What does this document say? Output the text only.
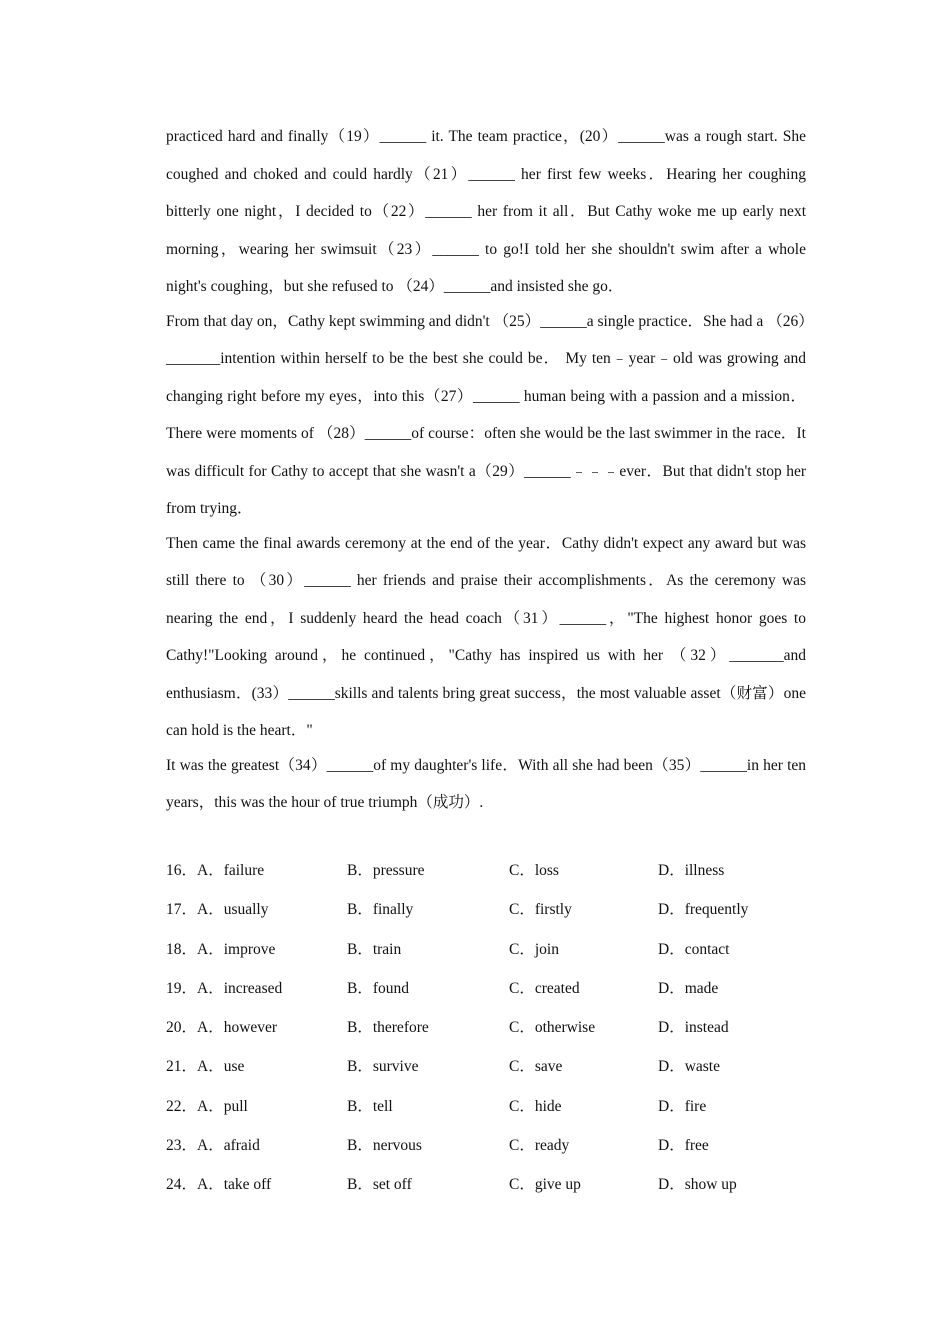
practiced hard and finally（19）______ it. The team practice，(20）______was a rough start. She coughed and choked and could hardly（21）______ her first few weeks．Hearing her coughing bitterly one night，I decided to（22）______ her from it all．But Cathy woke me up early next morning，wearing her swimsuit（23）______ to go!I told her she shouldn't swim after a whole night's coughing，but she refused to （24）______and insisted she go．

From that day on，Cathy kept swimming and didn't （25）______a single practice．She had a （26）_______intention within herself to be the best she could be． My ten﹣year﹣old was growing and changing right before my eyes，into this（27）______ human being with a passion and a mission．There were moments of （28）______of course：often she would be the last swimmer in the race．It was difficult for Cathy to accept that she wasn't a（29）______﹣﹣﹣ever．But that didn't stop her from trying．

Then came the final awards ceremony at the end of the year．Cathy didn't expect any award but was still there to （30）______ her friends and praise their accomplishments．As the ceremony was nearing the end，I suddenly heard the head coach（31）______，"The highest honor goes to Cathy!"Looking around，he continued，"Cathy has inspired us with her （32）_______and enthusiasm．(33）______skills and talents bring great success，the most valuable asset（财富）one can hold is the heart．"

It was the greatest（34）______of my daughter's life．With all she had been（35）______in her ten years，this was the hour of true triumph（成功）.

16．A．failure	B．pressure	C．loss	D．illness
17．A．usually	B．finally	C．firstly	D．frequently
18．A．improve	B．train	C．join	D．contact
19．A．increased	B．found	C．created	D．made
20．A．however	B．therefore	C．otherwise	D．instead
21．A．use	B．survive	C．save	D．waste
22．A．pull	B．tell	C．hide	D．fire
23．A．afraid	B．nervous	C．ready	D．free
24．A．take off	B．set off	C．give up	D．show up
